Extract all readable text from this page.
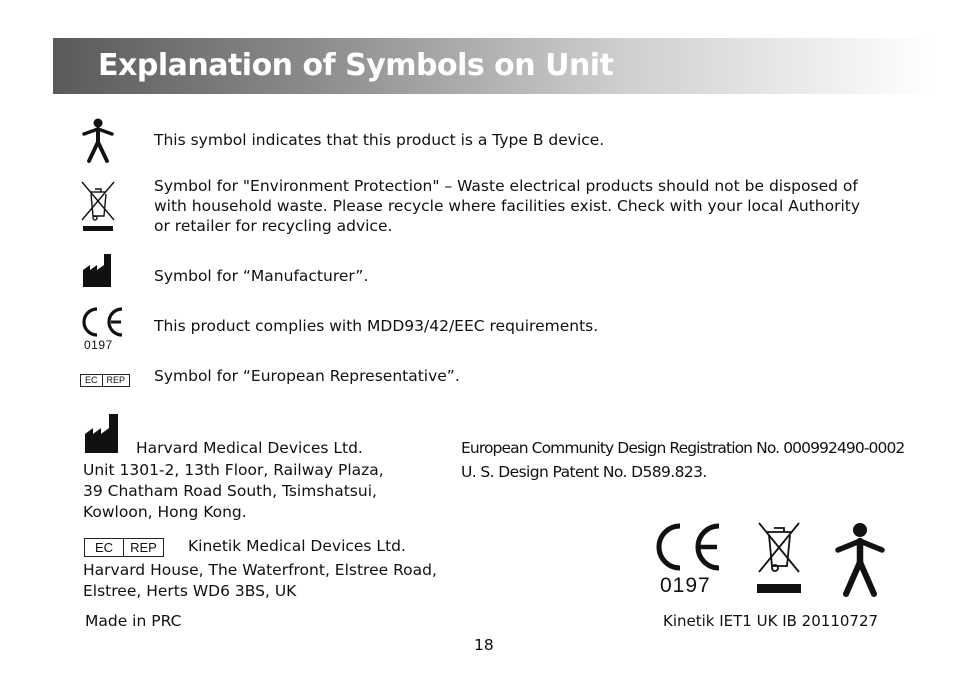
Explanation of Symbols on Unit
This symbol indicates that this product is a Type B device.
Symbol for "Environment Protection" – Waste electrical products should not be disposed of with household waste. Please recycle where facilities exist. Check with your local Authority or retailer for recycling advice.
Symbol for “Manufacturer”.
0197
This product complies with MDD93/42/EEC requirements.
EC	REP Symbol for “European Representative”.
Harvard Medical Devices Ltd.
Unit 1301-2, 13th Floor, Railway Plaza,
39 Chatham Road South, Tsimshatsui,
Kowloon, Hong Kong.
EC	REP	Kinetik Medical Devices Ltd.
Harvard House, The Waterfront, Elstree Road,
Elstree, Herts WD6 3BS, UK
Made in PRC
European Community Design Registration No. 000992490-0002
U. S. Design Patent No. D589.823.
0197
Kinetik IET1 UK IB 20110727
18
